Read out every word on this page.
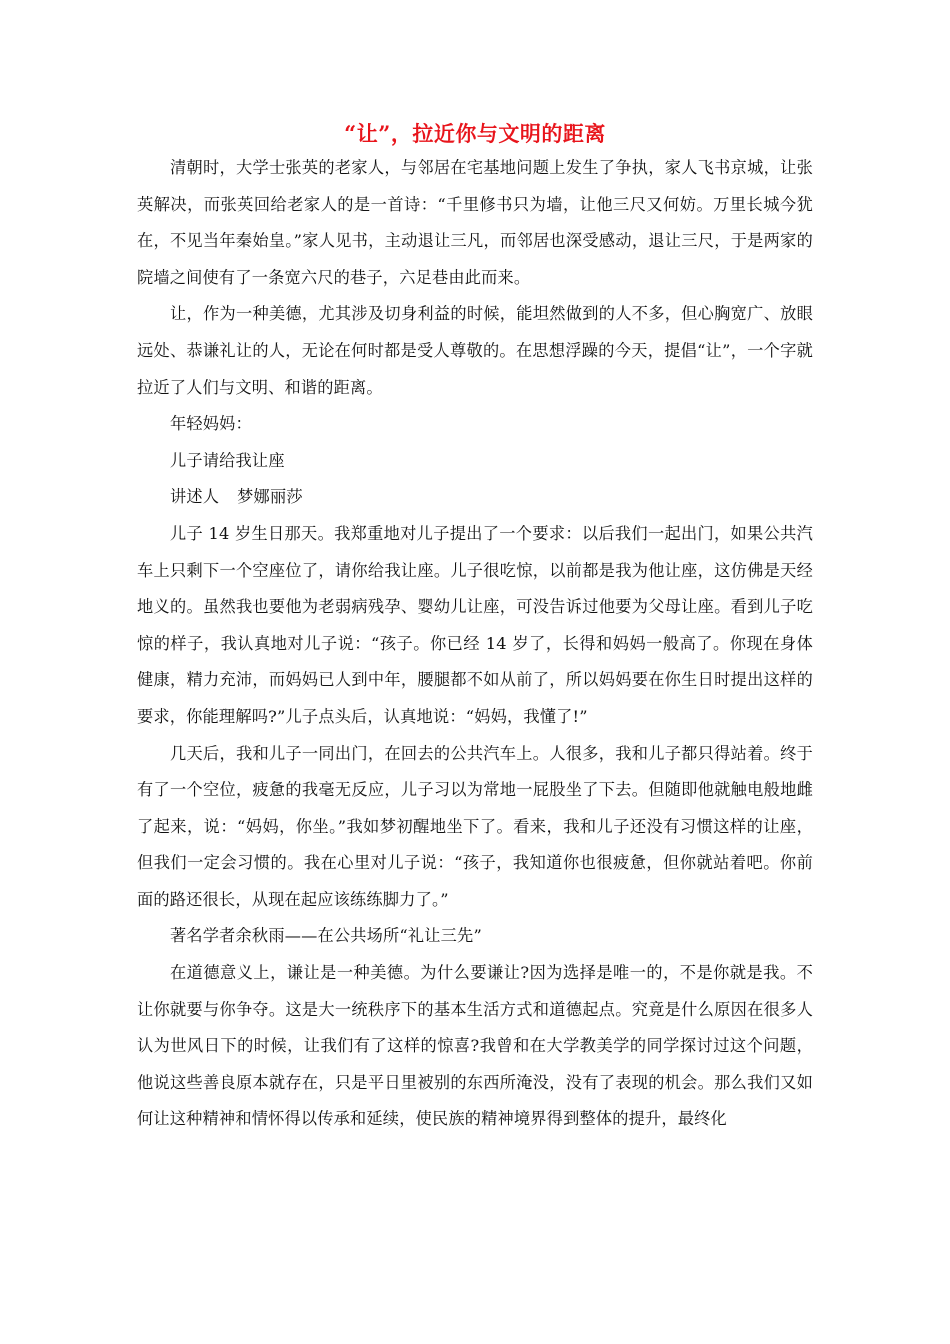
“让”，拉近你与文明的距离

清朝时，大学士张英的老家人，与邻居在宅基地问题上发生了争执，家人飞书京城，让张英解决，而张英回给老家人的是一首诗：“千里修书只为墙，让他三尺又何妨。万里长城今犹在，不见当年秦始皇。”家人见书，主动退让三凡，而邻居也深受感动，退让三尺，于是两家的院墙之间使有了一条宽六尺的巷子，六足巷由此而来。

让，作为一种美德，尤其涉及切身利益的时候，能坦然做到的人不多，但心胸宽广、放眼远处、恭谦礼让的人，无论在何时都是受人尊敬的。在思想浮躁的今天，提倡“让”，一个字就拉近了人们与文明、和谐的距离。

年轻妈妈：

儿子请给我让座

讲述人 梦娜丽莎

儿子 14 岁生日那天。我郑重地对儿子提出了一个要求：以后我们一起出门，如果公共汽车上只剩下一个空座位了，请你给我让座。儿子很吃惊，以前都是我为他让座，这仿佛是天经地义的。虽然我也要他为老弱病残孕、婴幼儿让座，可没告诉过他要为父母让座。看到儿子吃惊的样子，我认真地对儿子说：“孩子。你已经 14 岁了，长得和妈妈一般高了。你现在身体健康，精力充沛，而妈妈已人到中年，腰腿都不如从前了，所以妈妈要在你生日时提出这样的要求，你能理解吗?”儿子点头后，认真地说：“妈妈，我懂了!”

几天后，我和儿子一同出门，在回去的公共汽车上。人很多，我和儿子都只得站着。终于有了一个空位，疲惫的我毫无反应，儿子习以为常地一屁股坐了下去。但随即他就触电般地雌了起来，说：“妈妈，你坐。”我如梦初醒地坐下了。看来，我和儿子还没有习惯这样的让座，但我们一定会习惯的。我在心里对儿子说：“孩子，我知道你也很疲惫，但你就站着吧。你前面的路还很长，从现在起应该练练脚力了。”

著名学者余秋雨——在公共场所“礼让三先”

在道德意义上，谦让是一种美德。为什么要谦让?因为选择是唯一的，不是你就是我。不让你就要与你争夺。这是大一统秩序下的基本生活方式和道德起点。究竟是什么原因在很多人认为世风日下的时候，让我们有了这样的惊喜?我曾和在大学教美学的同学探讨过这个问题，他说这些善良原本就存在，只是平日里被别的东西所淹没，没有了表现的机会。那么我们又如何让这种精神和情怀得以传承和延续，使民族的精神境界得到整体的提升，最终化
